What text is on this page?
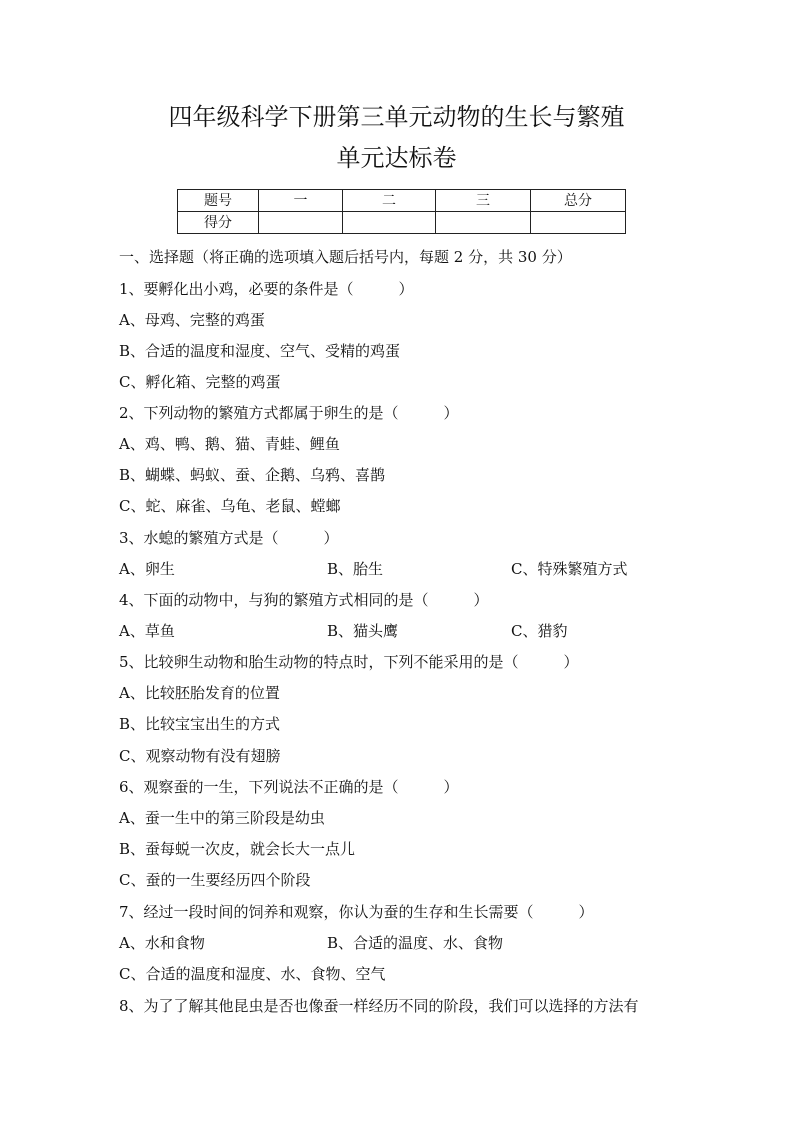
四年级科学下册第三单元动物的生长与繁殖
单元达标卷
题号	一	二	三	总分
得分				

一、选择题（将正确的选项填入题后括号内，每题 2 分，共 30 分）

1、要孵化出小鸡，必要的条件是（　　　）

A、母鸡、完整的鸡蛋

B、合适的温度和湿度、空气、受精的鸡蛋

C、孵化箱、完整的鸡蛋

2、下列动物的繁殖方式都属于卵生的是（　　　）

A、鸡、鸭、鹅、猫、青蛙、鲤鱼

B、蝴蝶、蚂蚁、蚕、企鹅、乌鸦、喜鹊

C、蛇、麻雀、乌龟、老鼠、螳螂

3、水螅的繁殖方式是（　　　）

A、卵生	B、胎生	C、特殊繁殖方式

4、下面的动物中，与狗的繁殖方式相同的是（　　　）

A、草鱼	B、猫头鹰	C、猎豹

5、比较卵生动物和胎生动物的特点时，下列不能采用的是（　　　）

A、比较胚胎发育的位置

B、比较宝宝出生的方式

C、观察动物有没有翅膀

6、观察蚕的一生，下列说法不正确的是（　　　）

A、蚕一生中的第三阶段是幼虫

B、蚕每蜕一次皮，就会长大一点儿

C、蚕的一生要经历四个阶段

7、经过一段时间的饲养和观察，你认为蚕的生存和生长需要（　　　）

A、水和食物	B、合适的温度、水、食物

C、合适的温度和湿度、水、食物、空气

8、为了了解其他昆虫是否也像蚕一样经历不同的阶段，我们可以选择的方法有
